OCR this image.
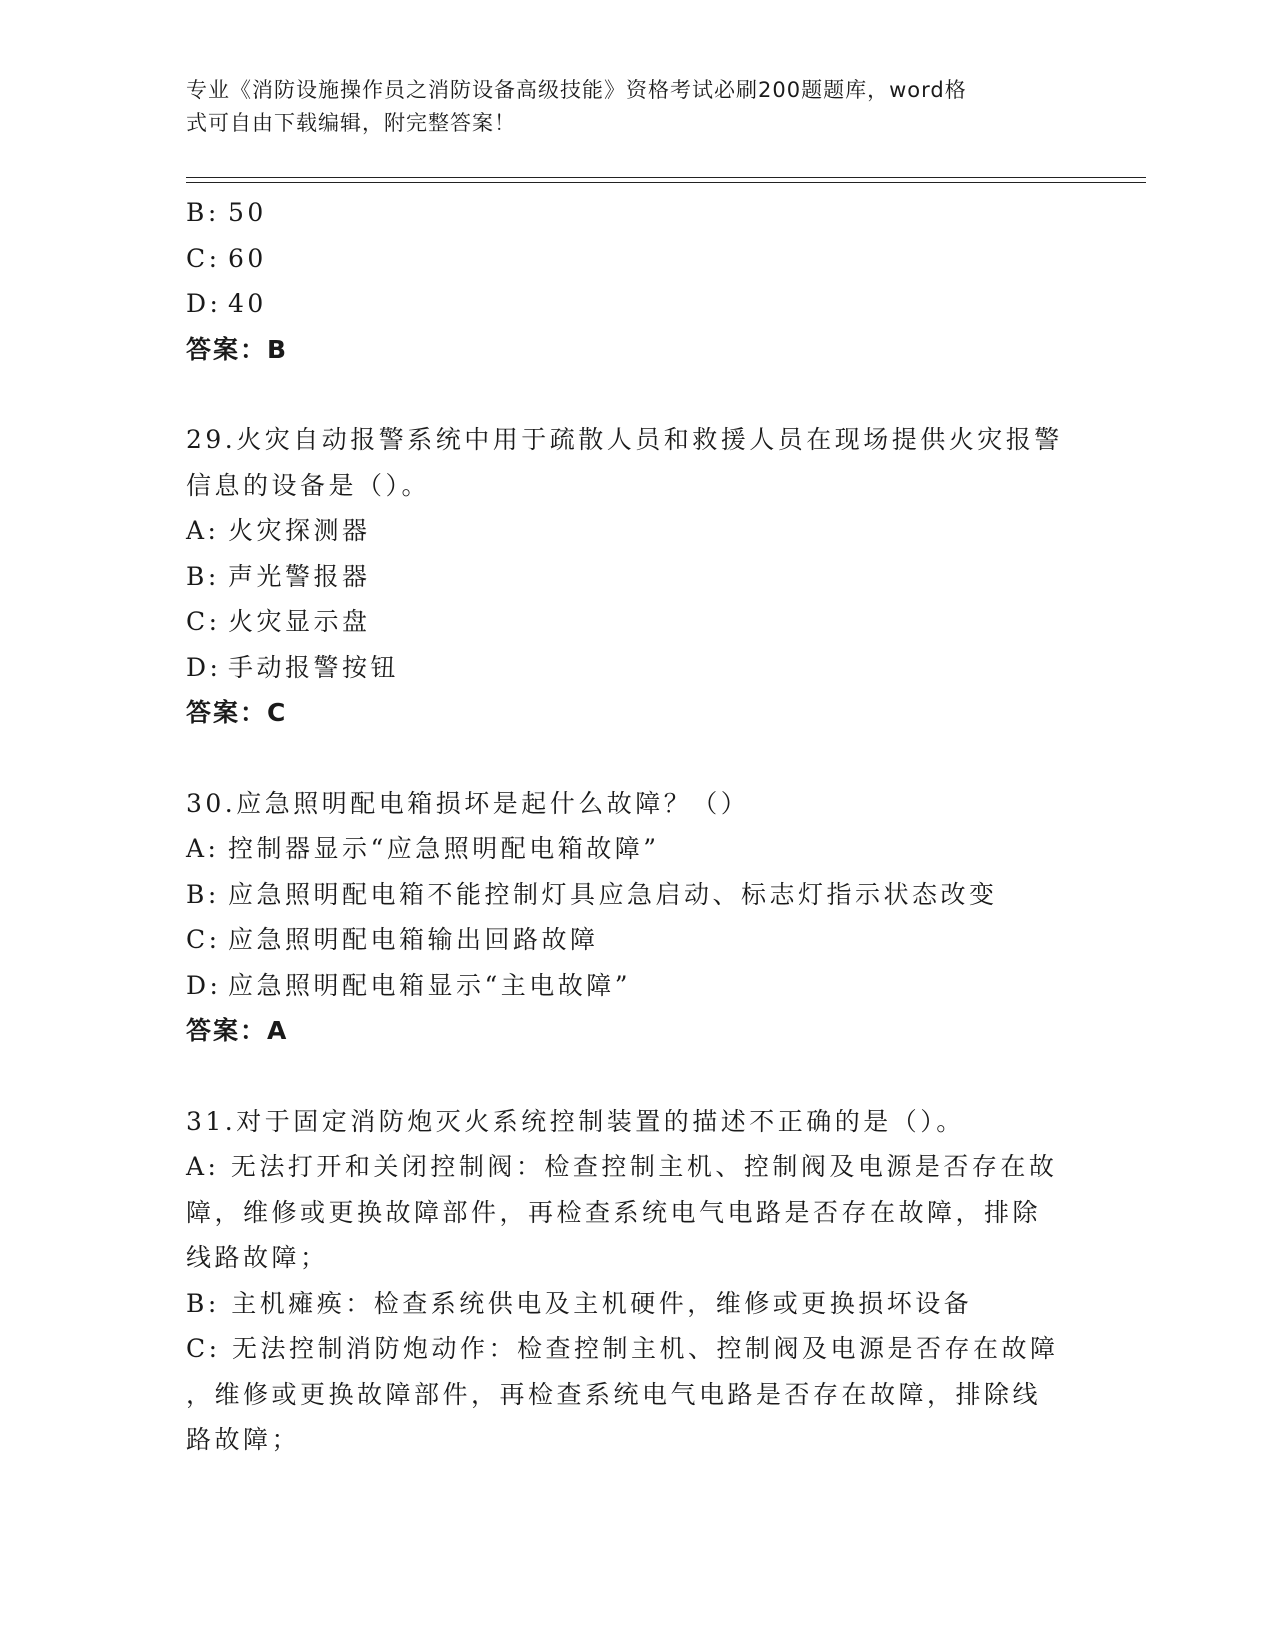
专业《消防设施操作员之消防设备高级技能》资格考试必刷200题题库，word格
式可自由下载编辑，附完整答案！
B: 50
C: 60
D: 40
答案：B
29.火灾自动报警系统中用于疏散人员和救援人员在现场提供火灾报警
信息的设备是（）。
A: 火灾探测器
B: 声光警报器
C: 火灾显示盘
D: 手动报警按钮
答案：C
30.应急照明配电箱损坏是起什么故障？（）
A: 控制器显示“应急照明配电箱故障”
B: 应急照明配电箱不能控制灯具应急启动、标志灯指示状态改变
C: 应急照明配电箱输出回路故障
D: 应急照明配电箱显示“主电故障”
答案：A
31.对于固定消防炮灭火系统控制装置的描述不正确的是（）。
A: 无法打开和关闭控制阀：检查控制主机、控制阀及电源是否存在故
障，维修或更换故障部件，再检查系统电气电路是否存在故障，排除
线路故障；
B: 主机瘫痪：检查系统供电及主机硬件，维修或更换损坏设备
C: 无法控制消防炮动作：检查控制主机、控制阀及电源是否存在故障
，维修或更换故障部件，再检查系统电气电路是否存在故障，排除线
路故障；
